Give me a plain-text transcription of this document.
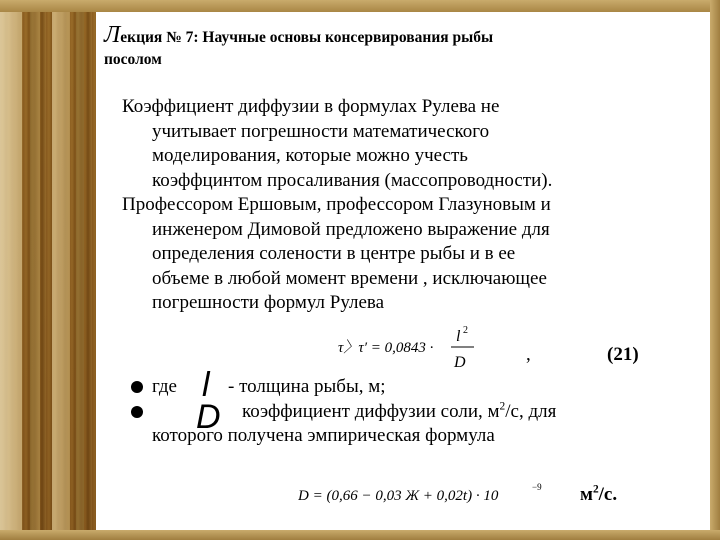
Лекция № 7: Научные основы консервирования рыбы
посолом
Коэффициент диффузии в формулах Рулева не
учитывает погрешности математического
моделирования, которые можно учесть
коэффцинтом просаливания (массопроводности).
Профессором Ершовым, профессором Глазуновым и
инженером Димовой предложено выражение для
определения солености в центре рыбы и в ее
объеме в любой момент времени , исключающее
погрешности формул Рулева
τ〉τ′ = 0,0843 ·
l 2
D	,	(21)
где l - толщина рыбы, м;
D коэффициент диффузии соли, $м^2/с$, для
которого получена эмпирическая формула
D = (0,66 − 0,03 Ж + 0,02t) · 10
−9 $м^2/с$.
